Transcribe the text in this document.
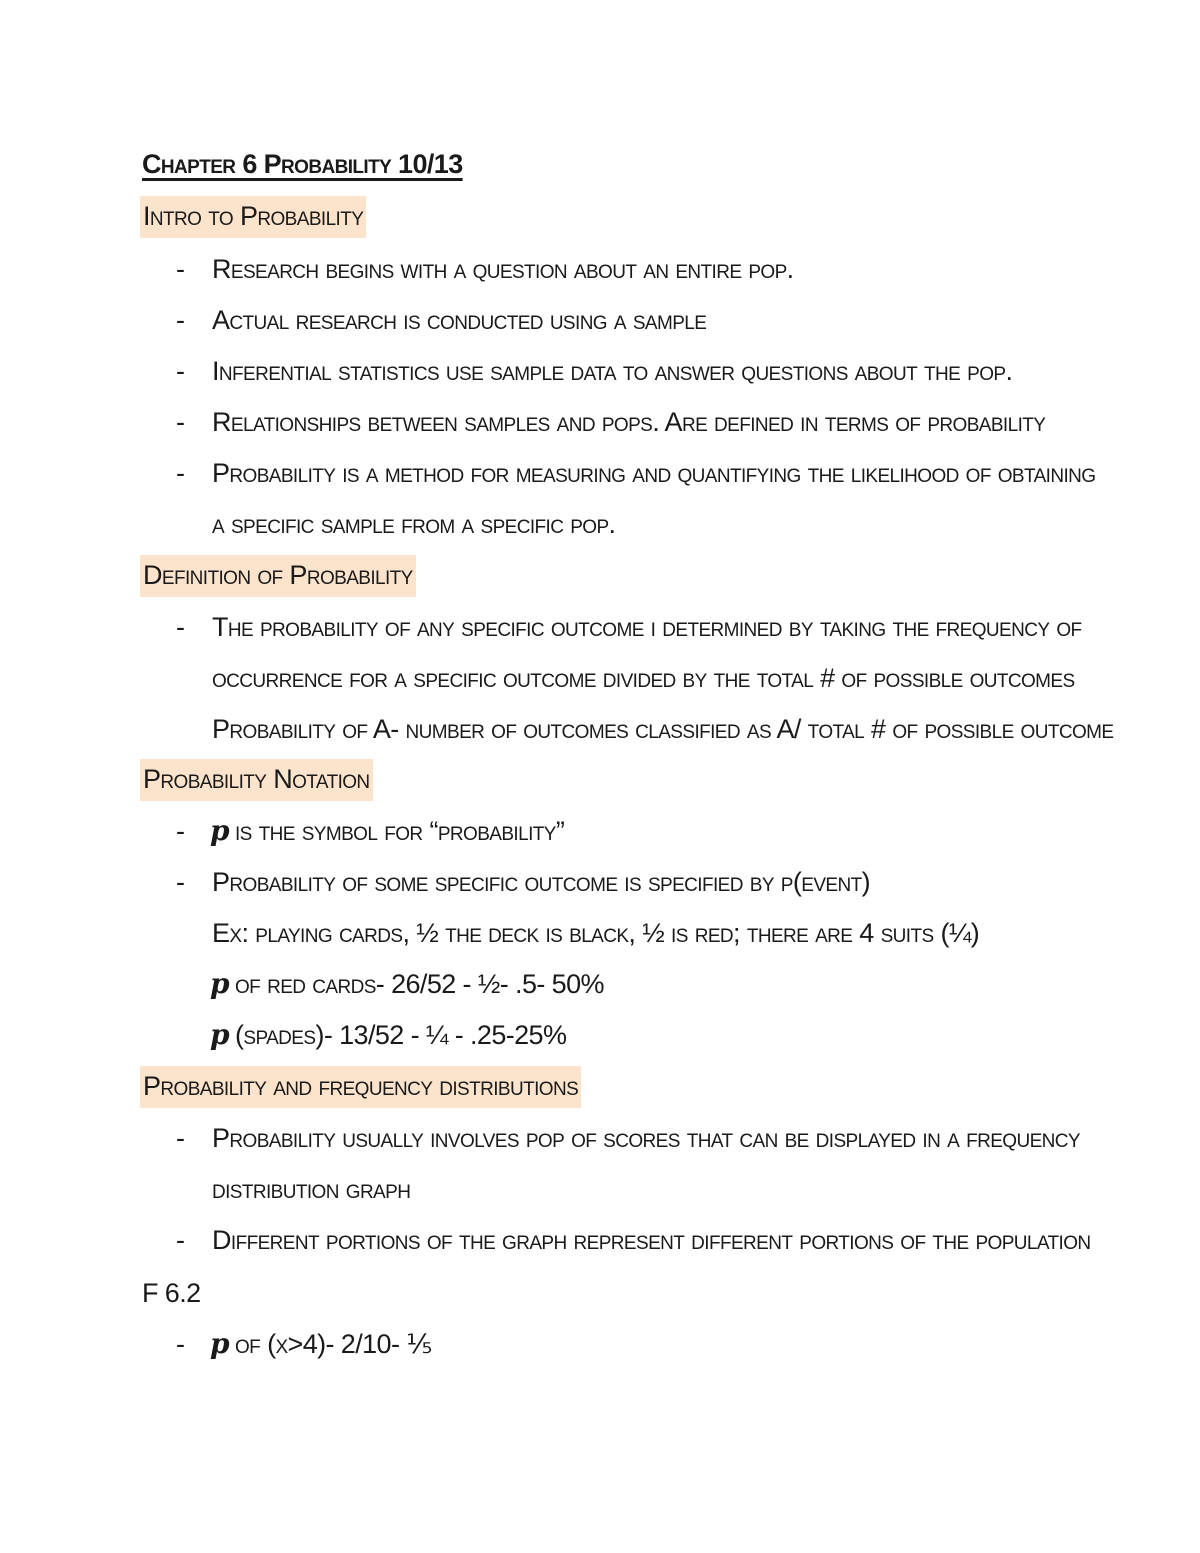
Chapter 6 Probability 10/13
Intro to Probability
- Research begins with a question about an entire pop.
- Actual research is conducted using a sample
- Inferential statistics use sample data to answer questions about the pop.
- Relationships between samples and pops. Are defined in terms of probability
- Probability is a method for measuring and quantifying the likelihood of obtaining
a specific sample from a specific pop.
Definition of Probability
- The probability of any specific outcome i determined by taking the frequency of
occurrence for a specific outcome divided by the total # of possible outcomes
Probability of A- number of outcomes classified as A/ total # of possible outcome
Probability Notation
- p is the symbol for “probability”
- Probability of some specific outcome is specified by p(event)
Ex: playing cards, ½ the deck is black, ½ is red; there are 4 suits (¼)
p of red cards- 26/52 - ½- .5- 50%
p (spades)- 13/52 - ¼ - .25-25%
Probability and frequency distributions
- Probability usually involves pop of scores that can be displayed in a frequency
distribution graph
- Different portions of the graph represent different portions of the population
F 6.2
- p of (x>4)- 2/10- ⅕
